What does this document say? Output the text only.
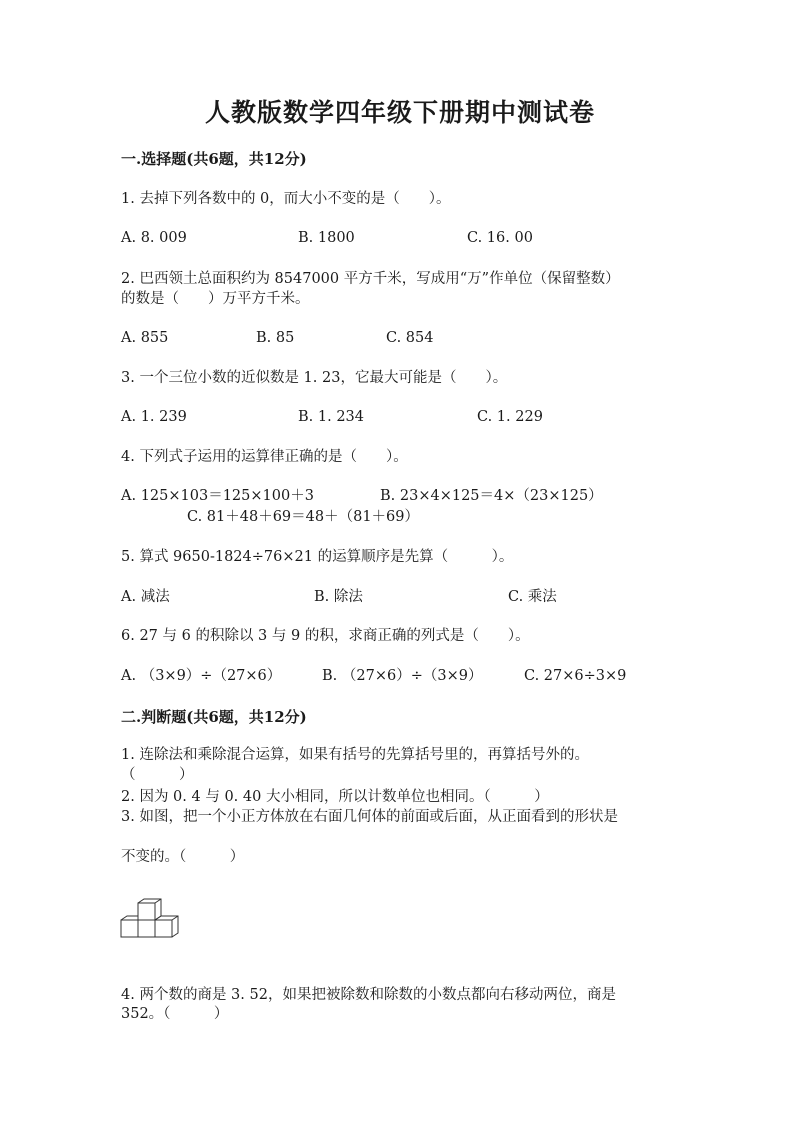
人教版数学四年级下册期中测试卷
一.选择题(共6题，共12分)
1. 去掉下列各数中的 0，而大小不变的是（　　）。
A. 8. 009	B. 1800	C. 16. 00
2. 巴西领土总面积约为 8547000 平方千米，写成用“万”作单位（保留整数）
的数是（　　）万平方千米。
A. 855	B. 85	C. 854
3. 一个三位小数的近似数是 1. 23，它最大可能是（　　）。
A. 1. 239	B. 1. 234	C. 1. 229
4. 下列式子运用的运算律正确的是（　　）。
A. 125×103＝125×100＋3	B. 23×4×125＝4×（23×125）
C. 81＋48＋69＝48＋（81＋69）
5. 算式 9650-1824÷76×21 的运算顺序是先算（　　　）。
A. 减法	B. 除法	C. 乘法
6. 27 与 6 的积除以 3 与 9 的积，求商正确的列式是（　　）。
A. （3×9）÷（27×6）	B. （27×6）÷（3×9）	C. 27×6÷3×9
二.判断题(共6题，共12分)
1. 连除法和乘除混合运算，如果有括号的先算括号里的，再算括号外的。
（　　　）
2. 因为 0. 4 与 0. 40 大小相同，所以计数单位也相同。（　　　）
3. 如图，把一个小正方体放在右面几何体的前面或后面，从正面看到的形状是
不变的。（　　　）
4. 两个数的商是 3. 52，如果把被除数和除数的小数点都向右移动两位，商是
352。（　　　）
